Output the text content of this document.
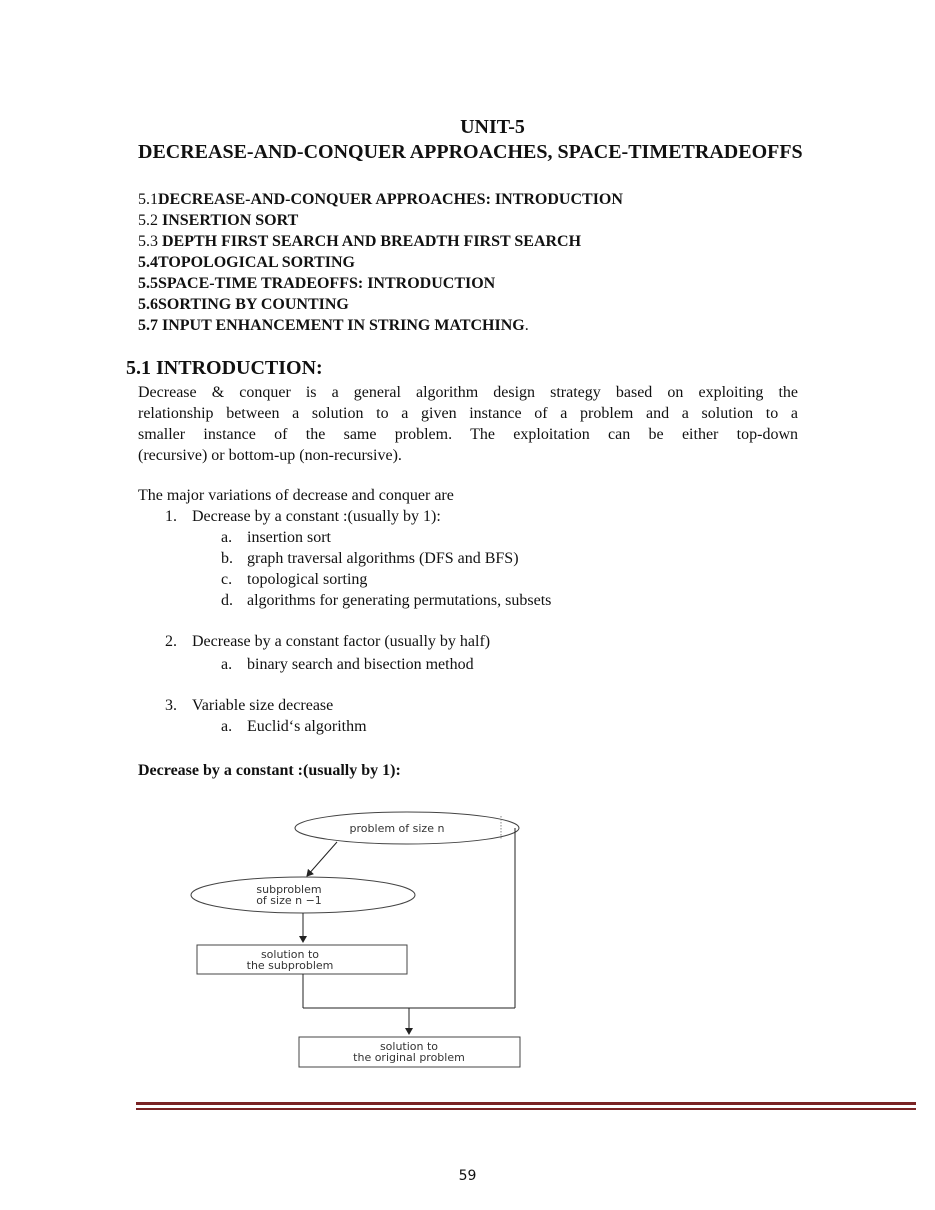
UNIT-5
DECREASE-AND-CONQUER APPROACHES, SPACE-TIMETRADEOFFS
5.1DECREASE-AND-CONQUER APPROACHES: INTRODUCTION
5.2 INSERTION SORT
5.3 DEPTH FIRST SEARCH AND BREADTH FIRST SEARCH
5.4TOPOLOGICAL SORTING
5.5SPACE-TIME TRADEOFFS: INTRODUCTION
5.6SORTING BY COUNTING
5.7 INPUT ENHANCEMENT IN STRING MATCHING.
5.1 INTRODUCTION:
Decrease & conquer is a general algorithm design strategy based on exploiting the
relationship between a solution to a given instance of a problem and a solution to a
smaller instance of the same problem. The exploitation can be either top-down
(recursive) or bottom-up (non-recursive).
The major variations of decrease and conquer are
1. Decrease by a constant :(usually by 1):
a. insertion sort
b. graph traversal algorithms (DFS and BFS)
c. topological sorting
d. algorithms for generating permutations, subsets
2. Decrease by a constant factor (usually by half)
a. binary search and bisection method
3. Variable size decrease
a. Euclid‘s algorithm
Decrease by a constant :(usually by 1):
problem of size n
subproblem
of size n −1
solution to
the subproblem
solution to
the original problem
59
